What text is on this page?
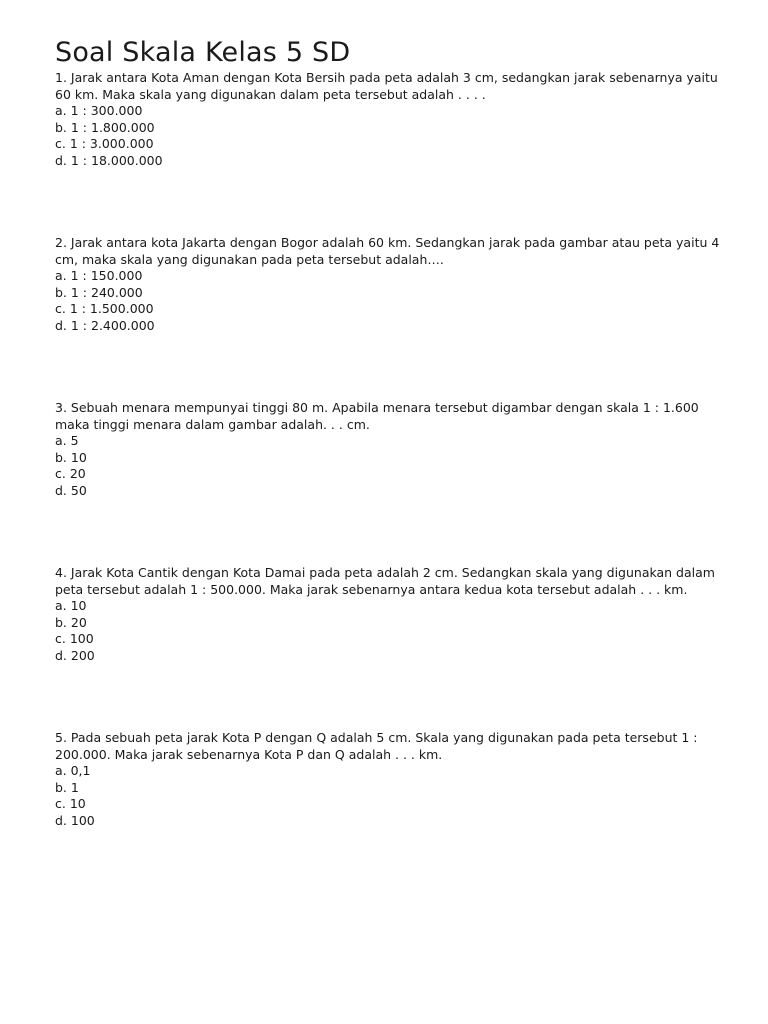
Soal Skala Kelas 5 SD

1. Jarak antara Kota Aman dengan Kota Bersih pada peta adalah 3 cm, sedangkan jarak sebenarnya yaitu 60 km. Maka skala yang digunakan dalam peta tersebut adalah . . . .

a. 1 : 300.000
b. 1 : 1.800.000
c. 1 : 3.000.000
d. 1 : 18.000.000

2. Jarak antara kota Jakarta dengan Bogor adalah 60 km. Sedangkan jarak pada gambar atau peta yaitu 4 cm, maka skala yang digunakan pada peta tersebut adalah….

a. 1 : 150.000
b. 1 : 240.000
c. 1 : 1.500.000
d. 1 : 2.400.000

3. Sebuah menara mempunyai tinggi 80 m. Apabila menara tersebut digambar dengan skala 1 : 1.600 maka tinggi menara dalam gambar adalah. . . cm.

a. 5
b. 10
c. 20
d. 50

4. Jarak Kota Cantik dengan Kota Damai pada peta adalah 2 cm. Sedangkan skala yang digunakan dalam peta tersebut adalah 1 : 500.000. Maka jarak sebenarnya antara kedua kota tersebut adalah . . . km.

a. 10
b. 20
c. 100
d. 200

5. Pada sebuah peta jarak Kota P dengan Q adalah 5 cm. Skala yang digunakan pada peta tersebut 1 : 200.000. Maka jarak sebenarnya Kota P dan Q adalah . . . km.

a. 0,1
b. 1
c. 10
d. 100
